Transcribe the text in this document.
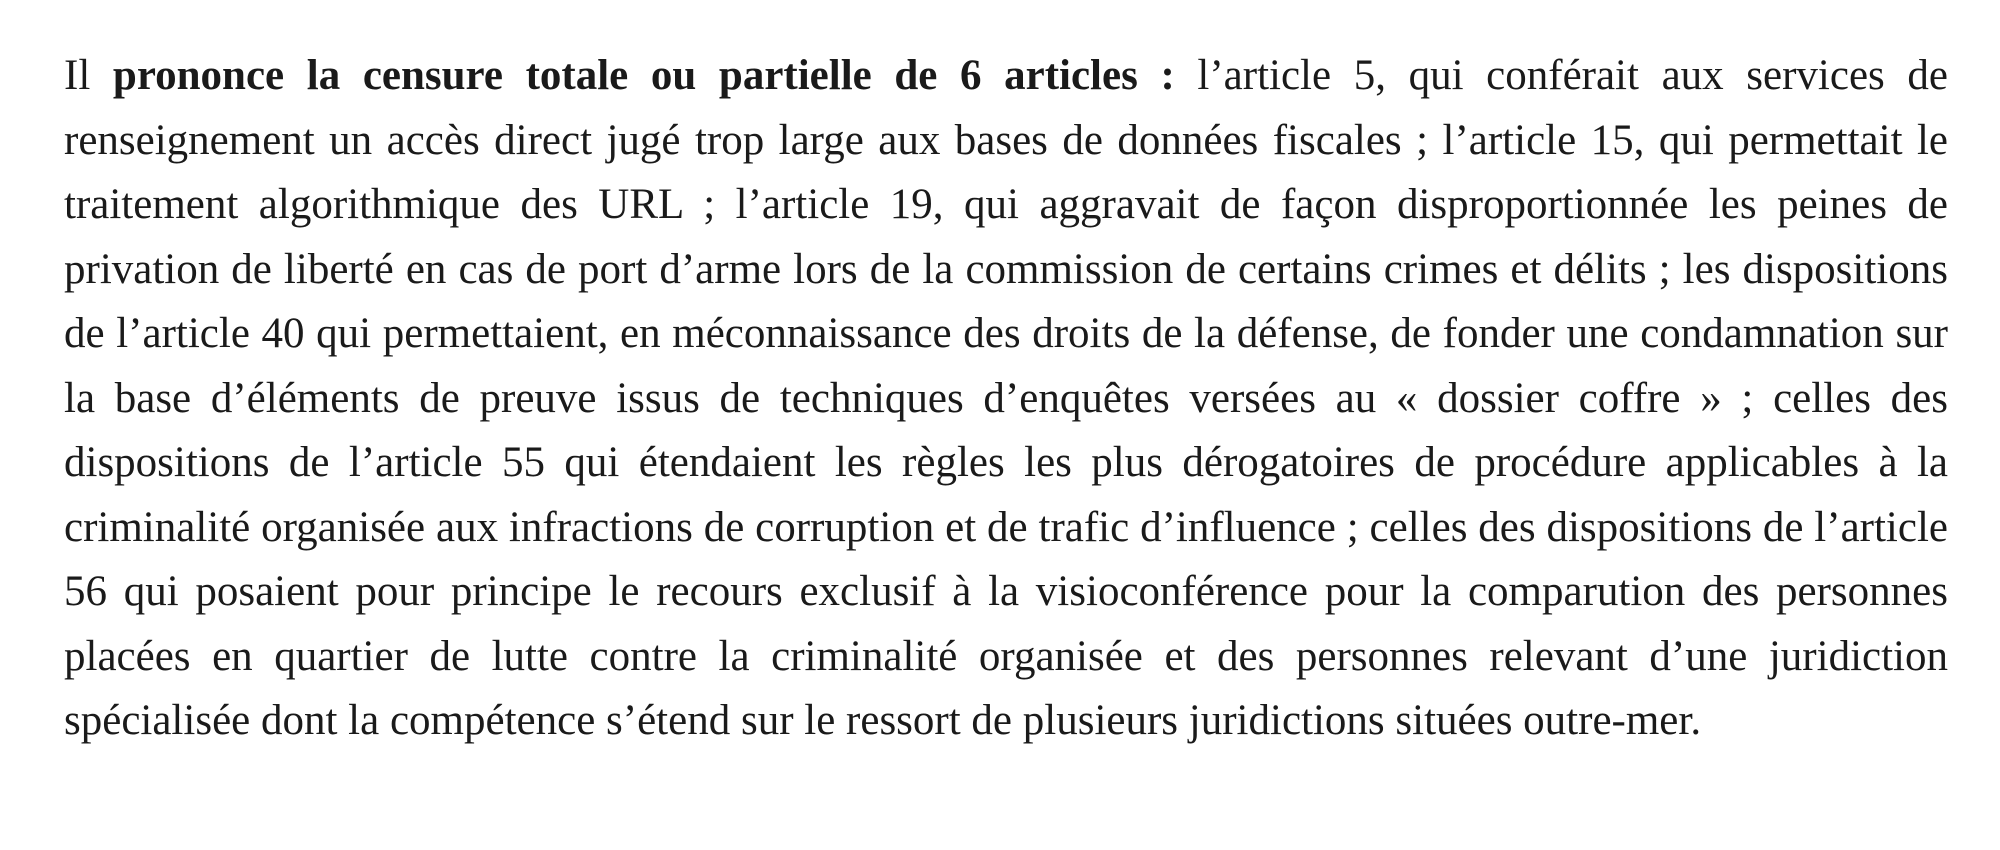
Il prononce la censure totale ou partielle de 6 articles : l’article 5, qui conférait aux services de renseignement un accès direct jugé trop large aux bases de données fiscales ; l’article 15, qui permettait le traitement algorithmique des URL ; l’article 19, qui aggravait de façon disproportionnée les peines de privation de liberté en cas de port d’arme lors de la commission de certains crimes et délits ; les dispositions de l’article 40 qui permettaient, en méconnaissance des droits de la défense, de fonder une condamnation sur la base d’éléments de preuve issus de techniques d’enquêtes versées au « dossier coffre » ; celles des dispositions de l’article 55 qui étendaient les règles les plus dérogatoires de procédure applicables à la criminalité organisée aux infractions de corruption et de trafic d’influence ; celles des dispositions de l’article 56 qui posaient pour principe le recours exclusif à la visioconférence pour la comparution des personnes placées en quartier de lutte contre la criminalité organisée et des personnes relevant d’une juridiction spécialisée dont la compétence s’étend sur le ressort de plusieurs juridictions situées outre-mer.
